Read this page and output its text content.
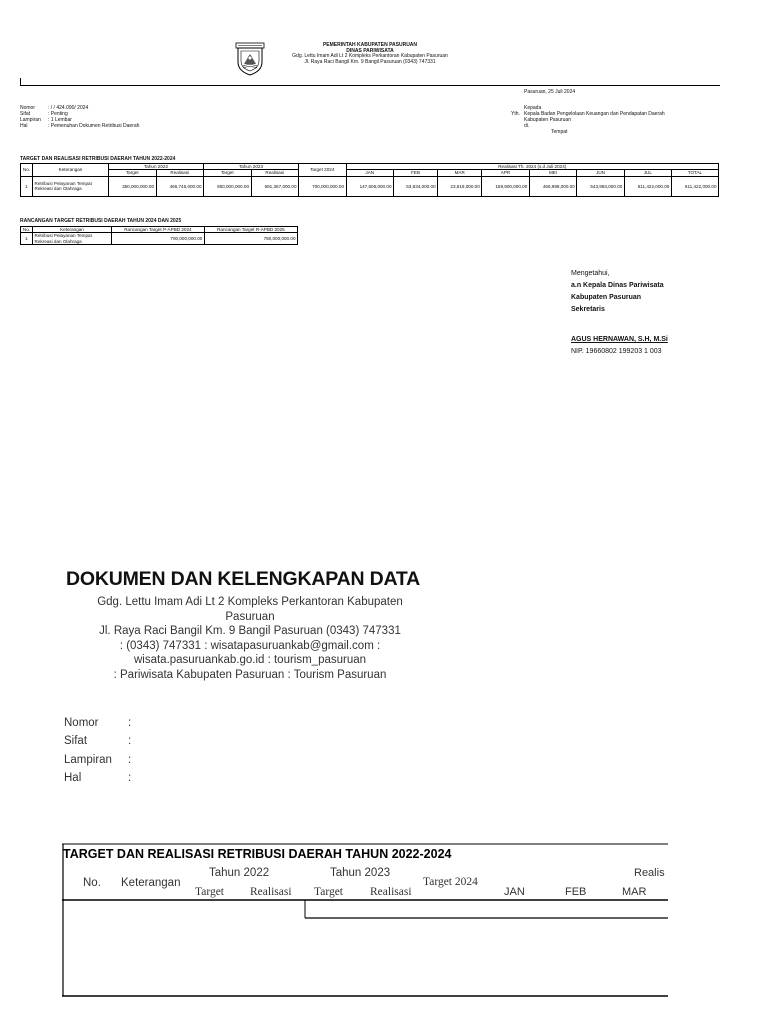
PEMERINTAH KABUPATEN PASURUAN
DINAS PARIWISATA
Gdg. Lettu Imam Adi Lt 2 Kompleks Perkantoran Kabupaten Pasuruan
Jl. Raya Raci Bangil Km. 9 Bangil Pasuruan (0343) 747331
Pasuruan, 25 Juli 2024
Nomor	: / / 424.090/ 2024
Sifat	: Penting
Lampiran	: 1 Lembar
Hal	: Pemenuhan Dokumen Retribusi Daerah
Kepada
Yth. Kepala Badan Pengelolaan Keuangan dan Pendapatan Daerah
Kabupaten Pasuruan
di.
Tempat
TARGET DAN REALISASI RETRIBUSI DAERAH TAHUN 2022-2024
No.	Keterangan	Tahun 2022		Tahun 2023		Target 2024	Realisasi Th. 2024 (s.d Juli 2024)							
		Target	Realisasi	Target	Realisasi		JAN	FEB	MAR	APR	MEI	JUN	JUL	TOTAL
1	Retribusi Pelayanan Tempat Rekreasi dan Olahraga	350,000,000.00	466,745,000.00	650,000,000.00	691,367,000.00	700,000,000.00	147,606,000.00	53,834,000.00	23,619,000.00	159,900,000.00	466,998,000.00	543,983,000.00	611,422,000.00	611,422,000.00
RANCANGAN TARGET RETRIBUSI DAERAH TAHUN 2024 DAN 2025
No.	Keterangan	Rancangan Target P-APBD 2024	Rancangan Target R-APBD 2025
1	Retribusi Pelayanan Tempat Rekreasi dan Olahraga	700,000,000.00	750,000,000.00
Mengetahui,
a.n Kepala Dinas Pariwisata
Kabupaten Pasuruan
Sekretaris
AGUS HERNAWAN, S.H, M.Si
NIP. 19660802 199203 1 003
DOKUMEN DAN KELENGKAPAN DATA
Gdg. Lettu Imam Adi Lt 2 Kompleks Perkantoran Kabupaten
Pasuruan
Jl. Raya Raci Bangil Km. 9 Bangil Pasuruan (0343) 747331
: (0343) 747331 : wisatapasuruankab@gmail.com :
wisata.pasuruankab.go.id : tourism_pasuruan
: Pariwisata Kabupaten Pasuruan : Tourism Pasuruan
Nomor	:
Sifat	:
Lampiran	:
Hal	:
TARGET DAN REALISASI RETRIBUSI DAERAH TAHUN 2022-2024
No. Keterangan
Tahun 2022
Target Realisasi
Tahun 2023
Target Realisasi
Target 2024
JAN	FEB	MAR
Realis
